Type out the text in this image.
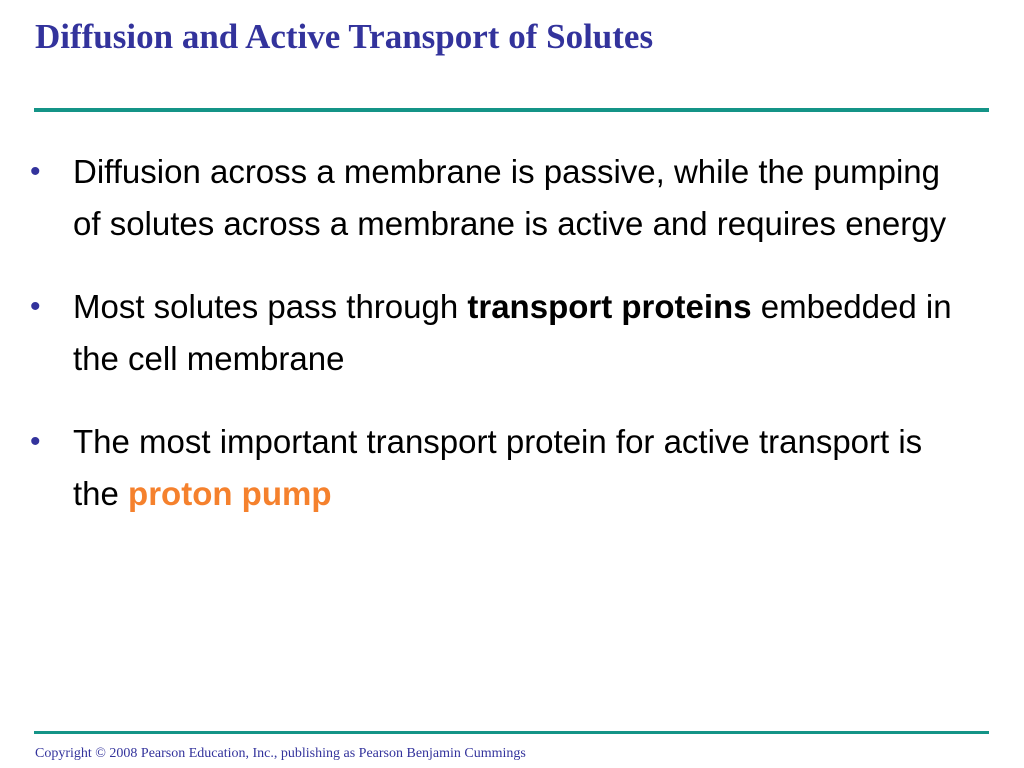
Diffusion and Active Transport of Solutes
• Diffusion across a membrane is passive, while the pumping of solutes across a membrane is active and requires energy
• Most solutes pass through transport proteins embedded in the cell membrane
• The most important transport protein for active transport is the proton pump
Copyright © 2008 Pearson Education, Inc., publishing as Pearson Benjamin Cummings
